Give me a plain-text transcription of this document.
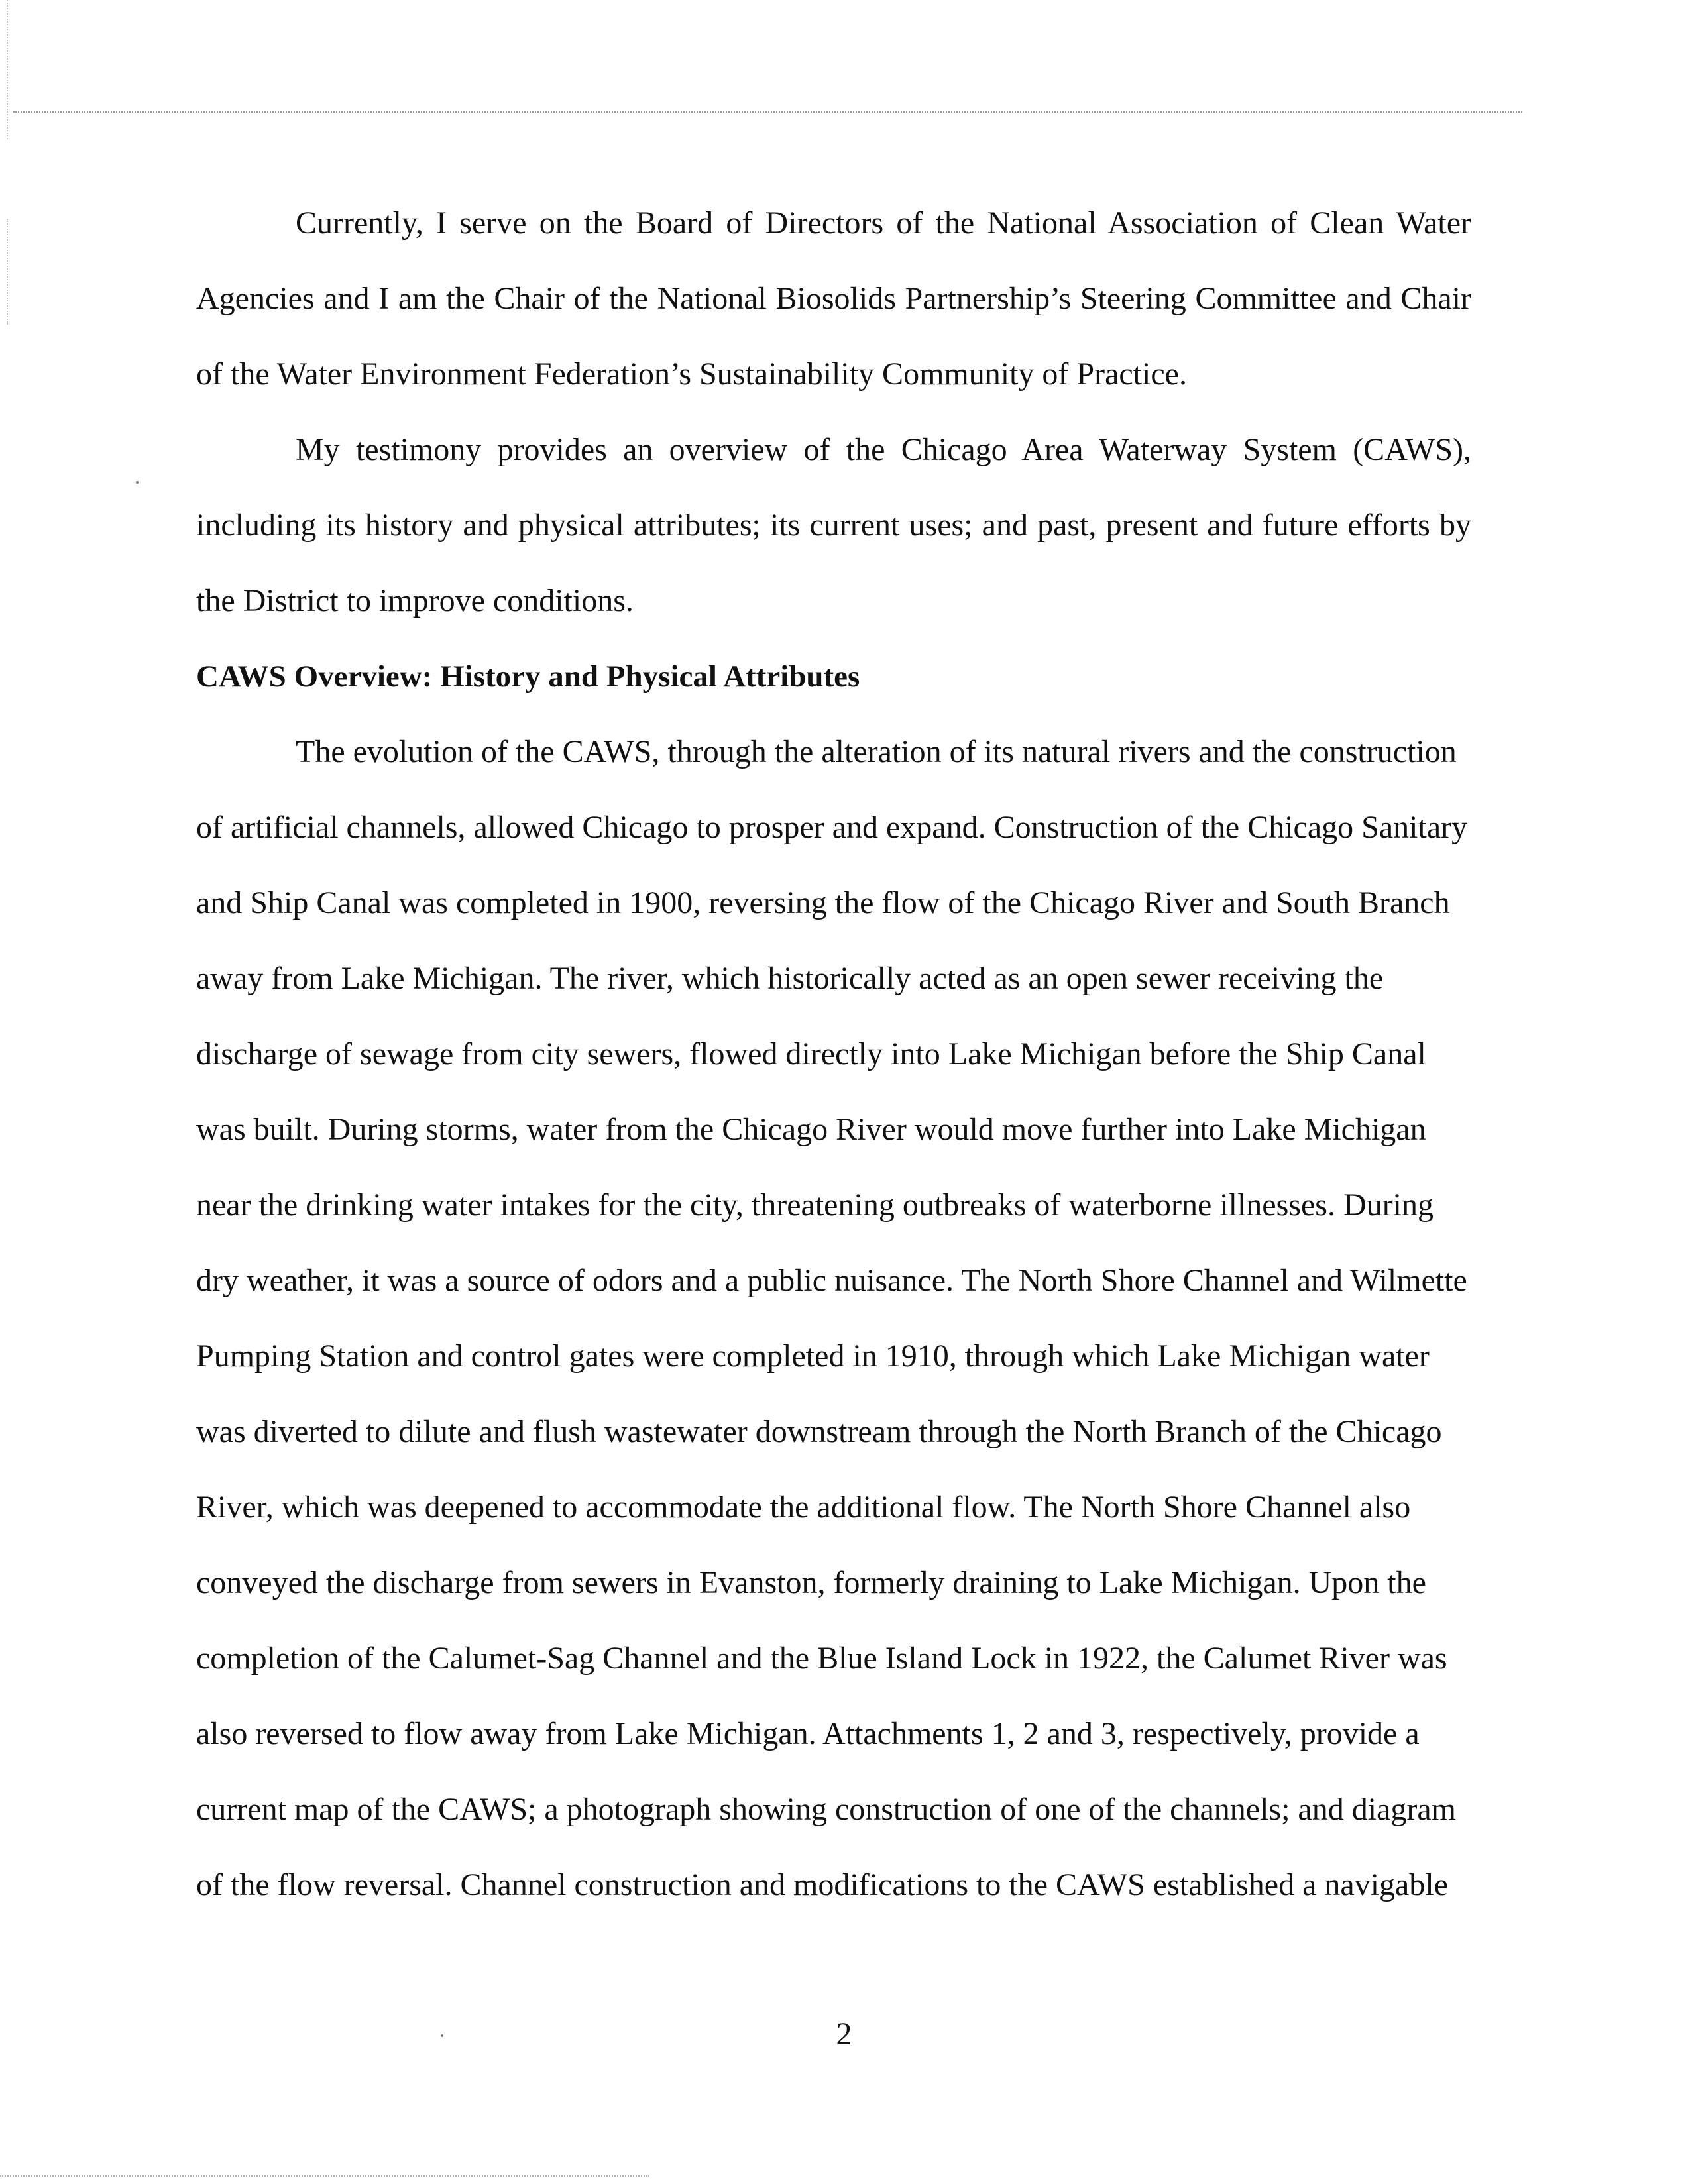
Currently, I serve on the Board of Directors of the National Association of Clean Water Agencies and I am the Chair of the National Biosolids Partnership’s Steering Committee and Chair of the Water Environment Federation’s Sustainability Community of Practice.

My testimony provides an overview of the Chicago Area Waterway System (CAWS), including its history and physical attributes; its current uses; and past, present and future efforts by the District to improve conditions.

CAWS Overview: History and Physical Attributes

The evolution of the CAWS, through the alteration of its natural rivers and the construction of artificial channels, allowed Chicago to prosper and expand. Construction of the Chicago Sanitary and Ship Canal was completed in 1900, reversing the flow of the Chicago River and South Branch away from Lake Michigan. The river, which historically acted as an open sewer receiving the discharge of sewage from city sewers, flowed directly into Lake Michigan before the Ship Canal was built. During storms, water from the Chicago River would move further into Lake Michigan near the drinking water intakes for the city, threatening outbreaks of waterborne illnesses. During dry weather, it was a source of odors and a public nuisance. The North Shore Channel and Wilmette Pumping Station and control gates were completed in 1910, through which Lake Michigan water was diverted to dilute and flush wastewater downstream through the North Branch of the Chicago River, which was deepened to accommodate the additional flow. The North Shore Channel also conveyed the discharge from sewers in Evanston, formerly draining to Lake Michigan. Upon the completion of the Calumet-Sag Channel and the Blue Island Lock in 1922, the Calumet River was also reversed to flow away from Lake Michigan. Attachments 1, 2 and 3, respectively, provide a current map of the CAWS; a photograph showing construction of one of the channels; and diagram of the flow reversal. Channel construction and modifications to the CAWS established a navigable

2
